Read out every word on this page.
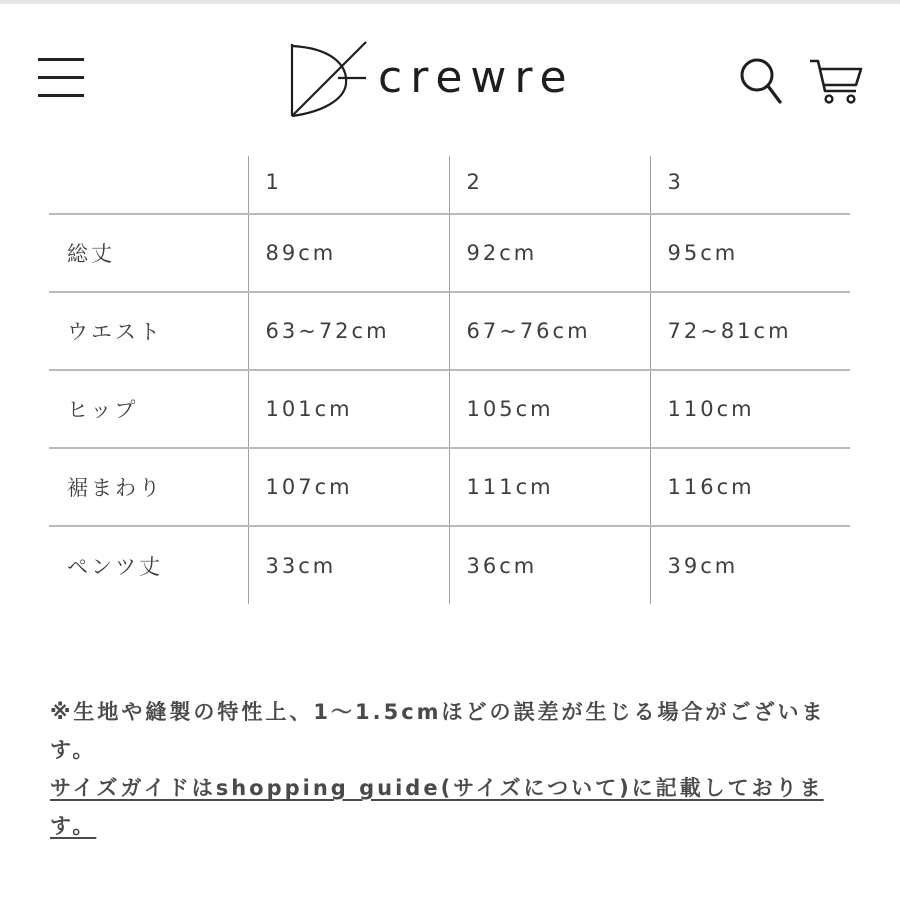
crewre
	1	2	3
総丈	89cm	92cm	95cm
ウエスト	63~72cm	67~76cm	72~81cm
ヒップ	101cm	105cm	110cm
裾まわり	107cm	111cm	116cm
ペンツ丈	33cm	36cm	39cm

※生地や縫製の特性上、1〜1.5cmほどの誤差が生じる場合がございます。

サイズガイドはshopping guide(サイズについて)に記載しております。
